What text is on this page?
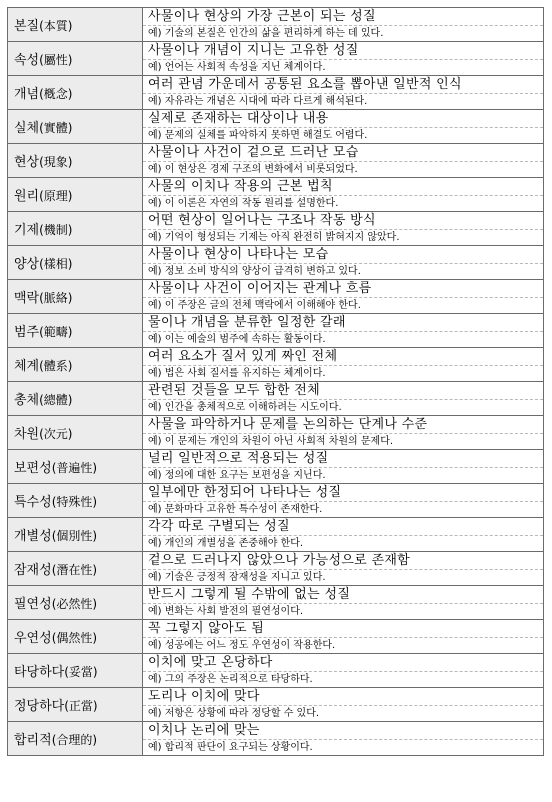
본질(本質)	사물이나 현상의 가장 근본이 되는 성질
예) 기술의 본질은 인간의 삶을 편리하게 하는 데 있다.

속성(屬性)	사물이나 개념이 지니는 고유한 성질
예) 언어는 사회적 속성을 지닌 체계이다.

개념(槪念)	여러 관념 가운데서 공통된 요소를 뽑아낸 일반적 인식
예) 자유라는 개념은 시대에 따라 다르게 해석된다.

실체(實體)	실제로 존재하는 대상이나 내용
예) 문제의 실체를 파악하지 못하면 해결도 어렵다.

현상(現象)	사물이나 사건이 겉으로 드러난 모습
예) 이 현상은 경제 구조의 변화에서 비롯되었다.

원리(原理)	사물의 이치나 작용의 근본 법칙
예) 이 이론은 자연의 작동 원리를 설명한다.

기제(機制)	어떤 현상이 일어나는 구조나 작동 방식
예) 기억이 형성되는 기제는 아직 완전히 밝혀지지 않았다.

양상(樣相)	사물이나 현상이 나타나는 모습
예) 정보 소비 방식의 양상이 급격히 변하고 있다.

맥락(脈絡)	사물이나 사건이 이어지는 관계나 흐름
예) 이 주장은 글의 전체 맥락에서 이해해야 한다.

범주(範疇)	물이나 개념을 분류한 일정한 갈래
예) 이는 예술의 범주에 속하는 활동이다.

체계(體系)	여러 요소가 질서 있게 짜인 전체
예) 법은 사회 질서를 유지하는 체계이다.

총체(總體)	관련된 것들을 모두 합한 전체
예) 인간을 총체적으로 이해하려는 시도이다.

차원(次元)	사물을 파악하거나 문제를 논의하는 단계나 수준
예) 이 문제는 개인의 차원이 아닌 사회적 차원의 문제다.

보편성(普遍性)	널리 일반적으로 적용되는 성질
예) 정의에 대한 요구는 보편성을 지닌다.

특수성(特殊性)	일부에만 한정되어 나타나는 성질
예) 문화마다 고유한 특수성이 존재한다.

개별성(個別性)	각각 따로 구별되는 성질
예) 개인의 개별성을 존중해야 한다.

잠재성(潛在性)	겉으로 드러나지 않았으나 가능성으로 존재함
예) 기술은 긍정적 잠재성을 지니고 있다.

필연성(必然性)	반드시 그렇게 될 수밖에 없는 성질
예) 변화는 사회 발전의 필연성이다.

우연성(偶然性)	꼭 그렇지 않아도 됨
예) 성공에는 어느 정도 우연성이 작용한다.

타당하다(妥當)	이치에 맞고 온당하다
예) 그의 주장은 논리적으로 타당하다.

정당하다(正當)	도리나 이치에 맞다
예) 저항은 상황에 따라 정당할 수 있다.

합리적(合理的)	이치나 논리에 맞는
예) 합리적 판단이 요구되는 상황이다.
